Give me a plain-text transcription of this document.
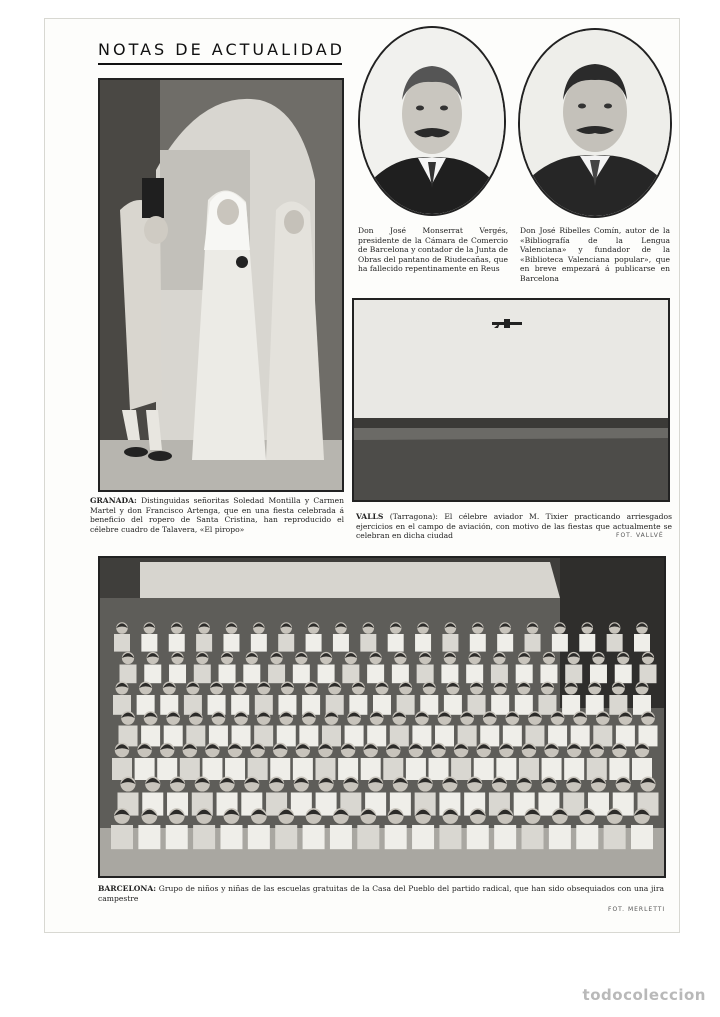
NOTAS DE ACTUALIDAD
Don José Monserrat Vergés, presidente de la Cámara de Comercio de Barcelona y contador de la Junta de Obras del pantano de Riudecañas, que ha fallecido repentinamente en Reus
Don José Ribelles Comín, autor de la «Bibliografía de la Lengua Valenciana» y fundador de la «Biblioteca Valenciana popular», que en breve empezará á publicarse en Barcelona
GRANADA: Distinguidas señoritas Soledad Montilla y Carmen Martel y don Francisco Artenga, que en una fiesta celebrada á beneficio del ropero de Santa Cristina, han reproducido el célebre cuadro de Talavera, «El piropo»
VALLS (Tarragona): El célebre aviador M. Tixier practicando arriesgados ejercicios en el campo de aviación, con motivo de las fiestas que actualmente se celebran en dicha ciudad	FOT. VALLVÉ
BARCELONA: Grupo de niños y niñas de las escuelas gratuitas de la Casa del Pueblo del partido radical, que han sido obsequiados con una jira campestre
FOT. MERLETTI
todocoleccion
